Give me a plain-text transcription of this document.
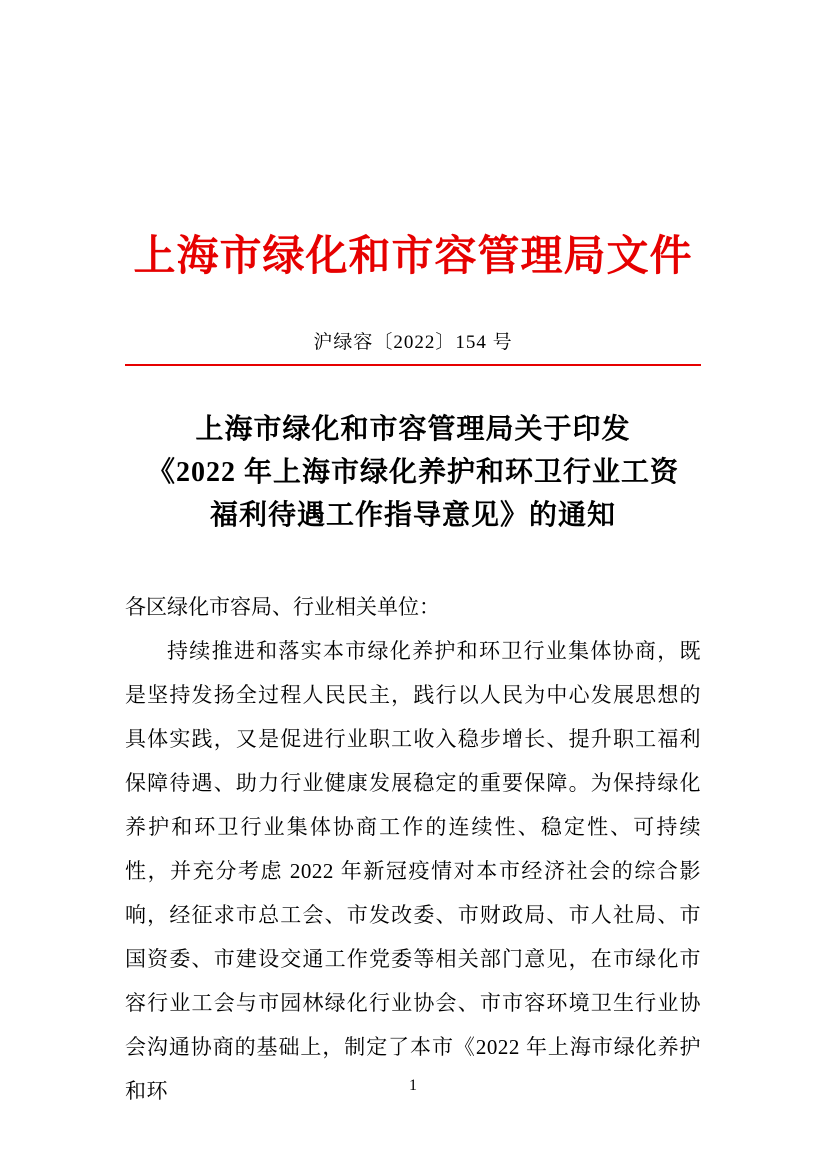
上海市绿化和市容管理局文件
沪绿容〔2022〕154 号
上海市绿化和市容管理局关于印发
《2022 年上海市绿化养护和环卫行业工资
福利待遇工作指导意见》的通知
各区绿化市容局、行业相关单位：

持续推进和落实本市绿化养护和环卫行业集体协商，既是坚持发扬全过程人民民主，践行以人民为中心发展思想的具体实践，又是促进行业职工收入稳步增长、提升职工福利保障待遇、助力行业健康发展稳定的重要保障。为保持绿化养护和环卫行业集体协商工作的连续性、稳定性、可持续性，并充分考虑 2022 年新冠疫情对本市经济社会的综合影响，经征求市总工会、市发改委、市财政局、市人社局、市国资委、市建设交通工作党委等相关部门意见，在市绿化市容行业工会与市园林绿化行业协会、市市容环境卫生行业协会沟通协商的基础上，制定了本市《2022 年上海市绿化养护和环	1
